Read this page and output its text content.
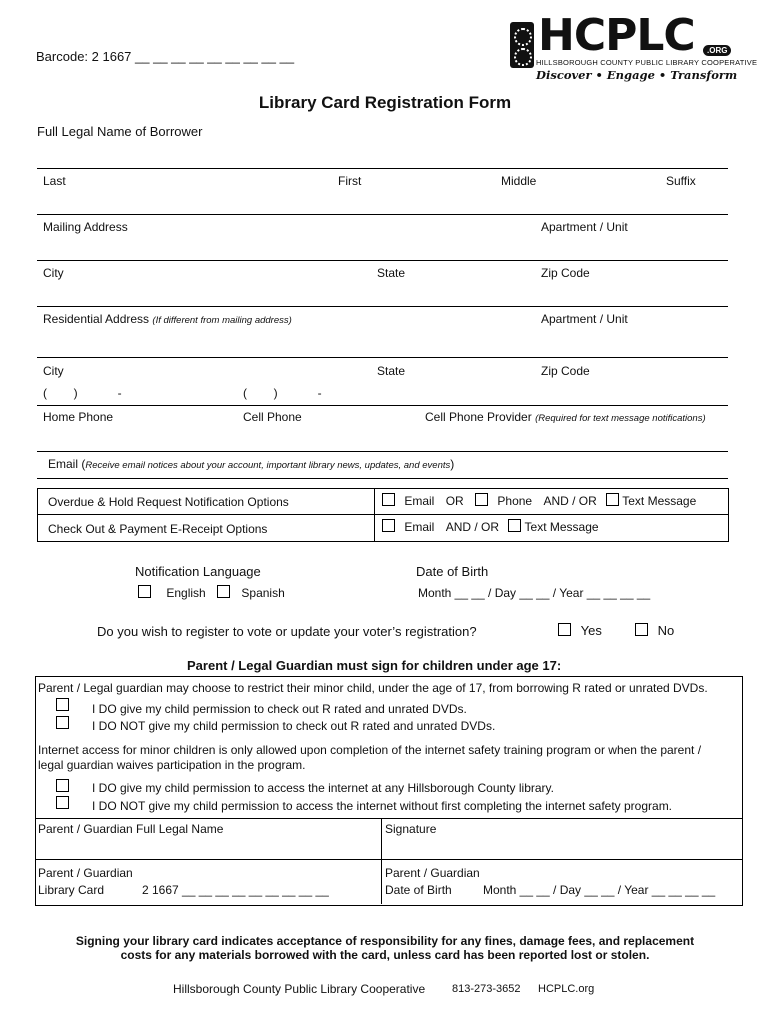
Barcode: 2 1667 __ __ __ __ __ __ __ __ __	HCPLC	.ORG
HILLSBOROUGH COUNTY PUBLIC LIBRARY COOPERATIVE
Discover • Engage • Transform
Library Card Registration Form
Full Legal Name of Borrower
Last	First	Middle	Suffix
Mailing Address	Apartment / Unit
City	State	Zip Code
Residential Address (If different from mailing address)	Apartment / Unit
City	State	Zip Code
(        )            -	(        )            -
Home Phone	Cell Phone	Cell Phone Provider (Required for text message notifications)
Email (Receive email notices about your account, important library news, updates, and events)
Overdue & Hold Request Notification Options	Email OR	Phone AND / OR Text Message
Check Out & Payment E-Receipt Options	Email AND / OR Text Message
Notification Language
English	Spanish
Date of Birth
Month __ __ / Day __ __ / Year __ __ __ __
Do you wish to register to vote or update your voter’s registration?	Yes	No
Parent / Legal Guardian must sign for children under age 17:
Parent / Legal guardian may choose to restrict their minor child, under the age of 17, from borrowing R rated or unrated DVDs.
I DO give my child permission to check out R rated and unrated DVDs.
I DO NOT give my child permission to check out R rated and unrated DVDs.
Internet access for minor children is only allowed upon completion of the internet safety training program or when the parent /
legal guardian waives participation in the program.
I DO give my child permission to access the internet at any Hillsborough County library.
I DO NOT give my child permission to access the internet without first completing the internet safety program.
Parent / Guardian Full Legal Name	Signature
Parent / Guardian
Library Card	2 1667 __ __ __ __ __ __ __ __ __
Parent / Guardian
Date of Birth	Month __ __ / Day __ __ / Year __ __ __ __
Signing your library card indicates acceptance of responsibility for any fines, damage fees, and replacement
costs for any materials borrowed with the card, unless card has been reported lost or stolen.
Hillsborough County Public Library Cooperative 813-273-3652 HCPLC.org
